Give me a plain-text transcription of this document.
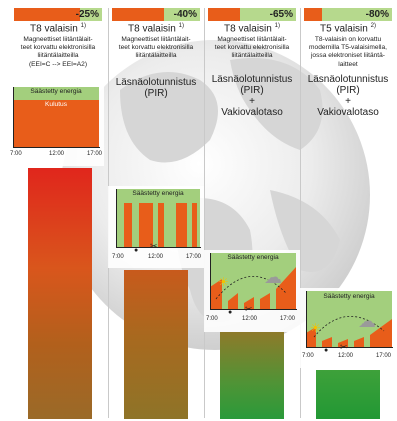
-25%
T8 valaisin $^{1)}$
Magneettiset liitäntälait-
teet korvattu elektronisilla
liitäntälaitteilla
(EEI=C --> EEI=A2)
Säästetty energia
Kulutus
7:00	12:00	17:00
-40%
T8 valaisin $^{1)}$
Magneettiset liitäntälait-
teet korvattu elektronisilla
liitäntälaitteilla
Läsnäolotunnistus
(PIR)
Säästetty energia
● ✂
7:00	12:00	17:00
-65%
T8 valaisin $^{1)}$
Magneettiset liitäntälait-
teet korvattu elektronisilla
liitäntälaitteilla
Läsnäolotunnistus
(PIR)
+
Vakiovalotaso
Säästetty energia
☀ ☁
● ✂
7:00	12:00	17:00
-80%
T5 valaisin $^{2)}$
T8-valaisin on korvattu
modernilla T5-valaisimella,
jossa elektroniset liitäntä-
laitteet
Läsnäolotunnistus
(PIR)
+
Vakiovalotaso
Säästetty energia
☀ ☁
● ✂
7:00	12:00	17:00
